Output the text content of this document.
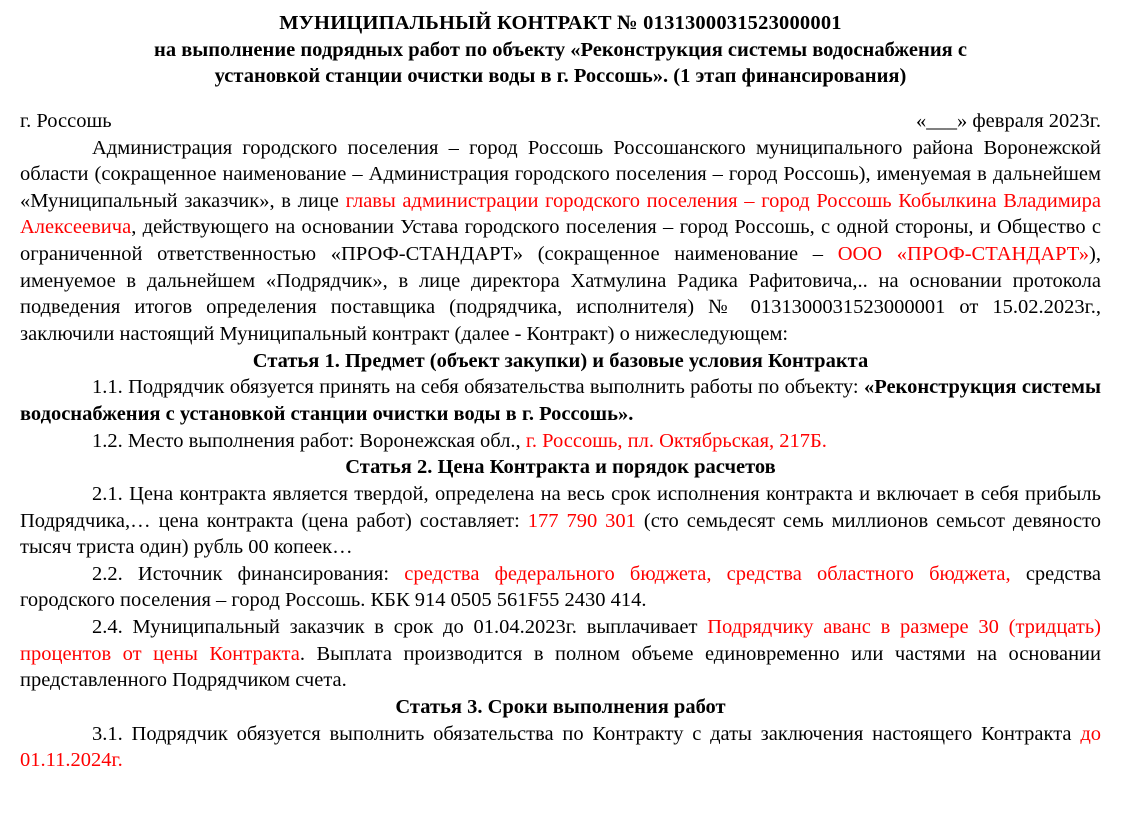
МУНИЦИПАЛЬНЫЙ КОНТРАКТ № 0131300031523000001
на выполнение подрядных работ по объекту «Реконструкция системы водоснабжения с
установкой станции очистки воды в г. Россошь». (1 этап финансирования)
г. Россошь	«___» февраля 2023г.

Администрация городского поселения – город Россошь Россошанского муниципального района Воронежской области (сокращенное наименование – Администрация городского поселения – город Россошь), именуемая в дальнейшем «Муниципальный заказчик», в лице главы администрации городского поселения – город Россошь Кобылкина Владимира Алексеевича, действующего на основании Устава городского поселения – город Россошь, с одной стороны, и Общество с ограниченной ответственностью «ПРОФ-СТАНДАРТ» (сокращенное наименование – ООО «ПРОФ-СТАНДАРТ»), именуемое в дальнейшем «Подрядчик», в лице директора Хатмулина Радика Рафитовича,.. на основании протокола подведения итогов определения поставщика (подрядчика, исполнителя) № 0131300031523000001 от 15.02.2023г., заключили настоящий Муниципальный контракт (далее - Контракт) о нижеследующем:

Статья 1. Предмет (объект закупки) и базовые условия Контракта

1.1. Подрядчик обязуется принять на себя обязательства выполнить работы по объекту: «Реконструкция системы водоснабжения с установкой станции очистки воды в г. Россошь».

1.2. Место выполнения работ: Воронежская обл., г. Россошь, пл. Октябрьская, 217Б.

Статья 2. Цена Контракта и порядок расчетов

2.1. Цена контракта является твердой, определена на весь срок исполнения контракта и включает в себя прибыль Подрядчика,… цена контракта (цена работ) составляет: 177 790 301 (сто семьдесят семь миллионов семьсот девяносто тысяч триста один) рубль 00 копеек…

2.2. Источник финансирования: средства федерального бюджета, средства областного бюджета, средства городского поселения – город Россошь. КБК 914 0505 561F55 2430 414.

2.4. Муниципальный заказчик в срок до 01.04.2023г. выплачивает Подрядчику аванс в размере 30 (тридцать) процентов от цены Контракта. Выплата производится в полном объеме единовременно или частями на основании представленного Подрядчиком счета.

Статья 3. Сроки выполнения работ

3.1. Подрядчик обязуется выполнить обязательства по Контракту с даты заключения настоящего Контракта до 01.11.2024г.
